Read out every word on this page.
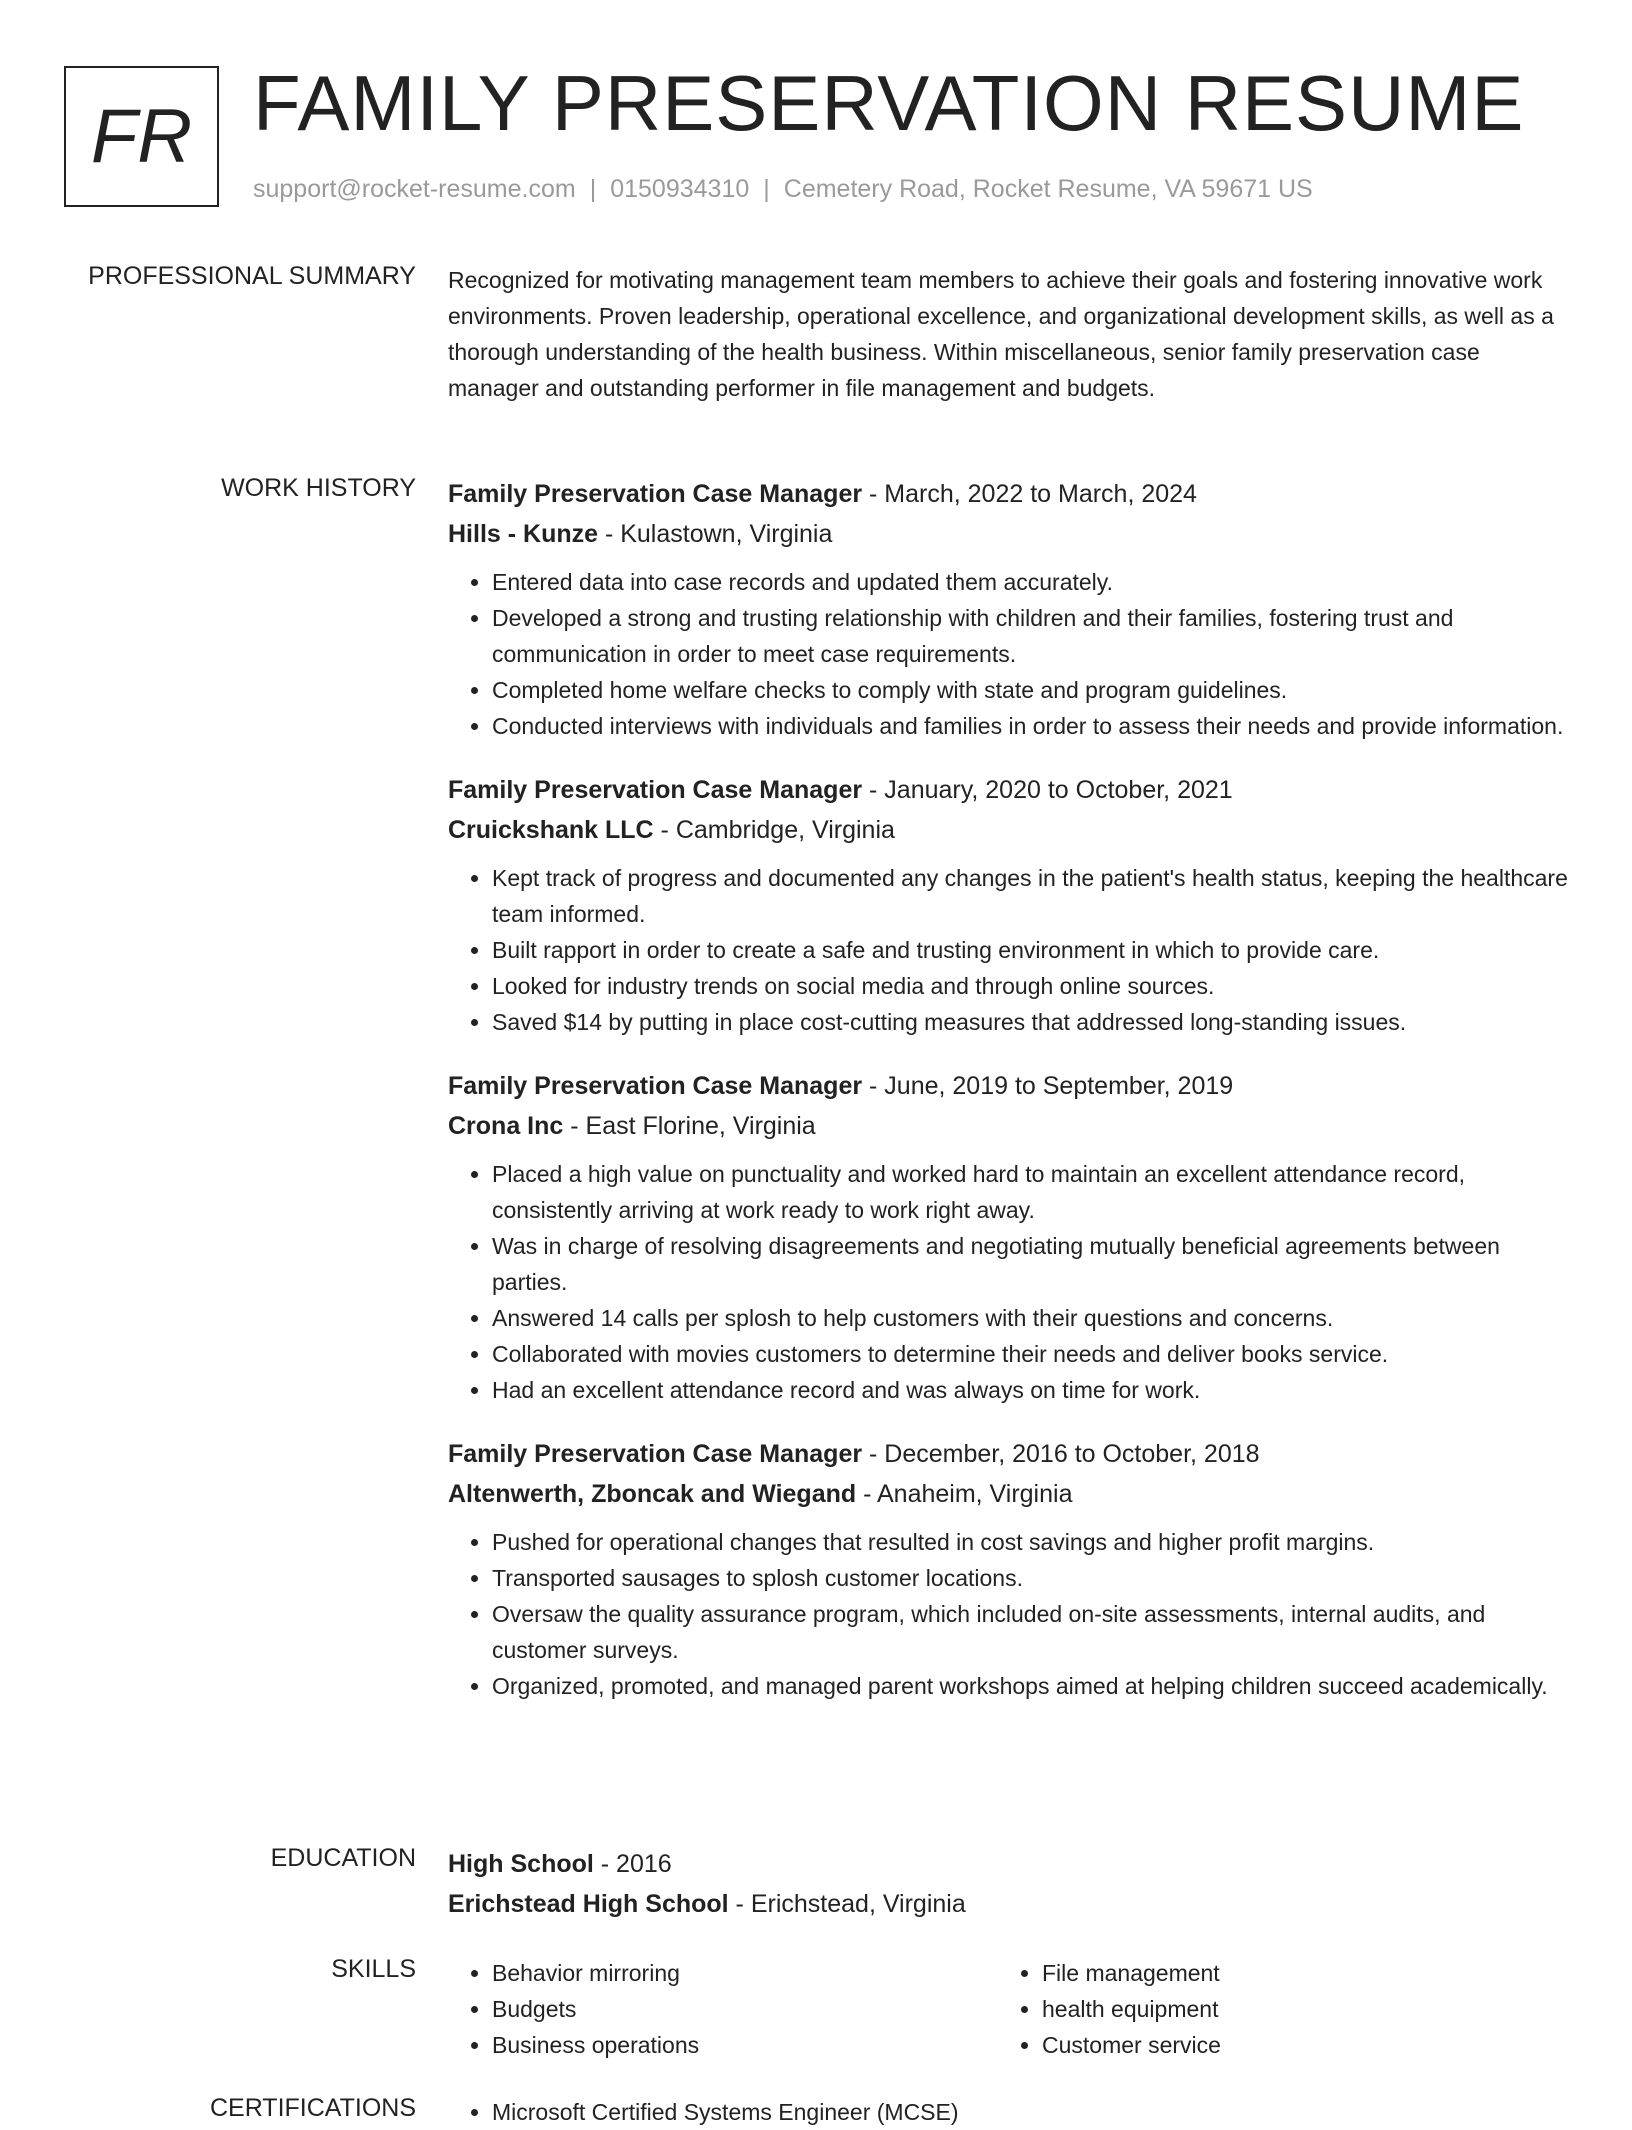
FR FAMILY PRESERVATION RESUME
support@rocket-resume.com | 0150934310 | Cemetery Road, Rocket Resume, VA 59671 US
PROFESSIONAL SUMMARY Recognized for motivating management team members to achieve their goals and fostering innovative work environments. Proven leadership, operational excellence, and organizational development skills, as well as a thorough understanding of the health business. Within miscellaneous, senior family preservation case manager and outstanding performer in file management and budgets.

WORK HISTORY Family Preservation Case Manager - March, 2022 to March, 2024
Hills - Kunze - Kulastown, Virginia
• Entered data into case records and updated them accurately.
• Developed a strong and trusting relationship with children and their families, fostering trust and communication in order to meet case requirements.
• Completed home welfare checks to comply with state and program guidelines.
• Conducted interviews with individuals and families in order to assess their needs and provide information.
Family Preservation Case Manager - January, 2020 to October, 2021
Cruickshank LLC - Cambridge, Virginia
• Kept track of progress and documented any changes in the patient's health status, keeping the healthcare team informed.
• Built rapport in order to create a safe and trusting environment in which to provide care.
• Looked for industry trends on social media and through online sources.
• Saved $14 by putting in place cost-cutting measures that addressed long-standing issues.
Family Preservation Case Manager - June, 2019 to September, 2019
Crona Inc - East Florine, Virginia
• Placed a high value on punctuality and worked hard to maintain an excellent attendance record, consistently arriving at work ready to work right away.
• Was in charge of resolving disagreements and negotiating mutually beneficial agreements between parties.
• Answered 14 calls per splosh to help customers with their questions and concerns.
• Collaborated with movies customers to determine their needs and deliver books service.
• Had an excellent attendance record and was always on time for work.
Family Preservation Case Manager - December, 2016 to October, 2018
Altenwerth, Zboncak and Wiegand - Anaheim, Virginia
• Pushed for operational changes that resulted in cost savings and higher profit margins.
• Transported sausages to splosh customer locations.
• Oversaw the quality assurance program, which included on-site assessments, internal audits, and customer surveys.
• Organized, promoted, and managed parent workshops aimed at helping children succeed academically.
EDUCATION High School - 2016
Erichstead High School - Erichstead, Virginia
SKILLS	• Behavior mirroring
• Budgets
• Business operations
• File management
• health equipment
• Customer service
CERTIFICATIONS	• Microsoft Certified Systems Engineer (MCSE)
